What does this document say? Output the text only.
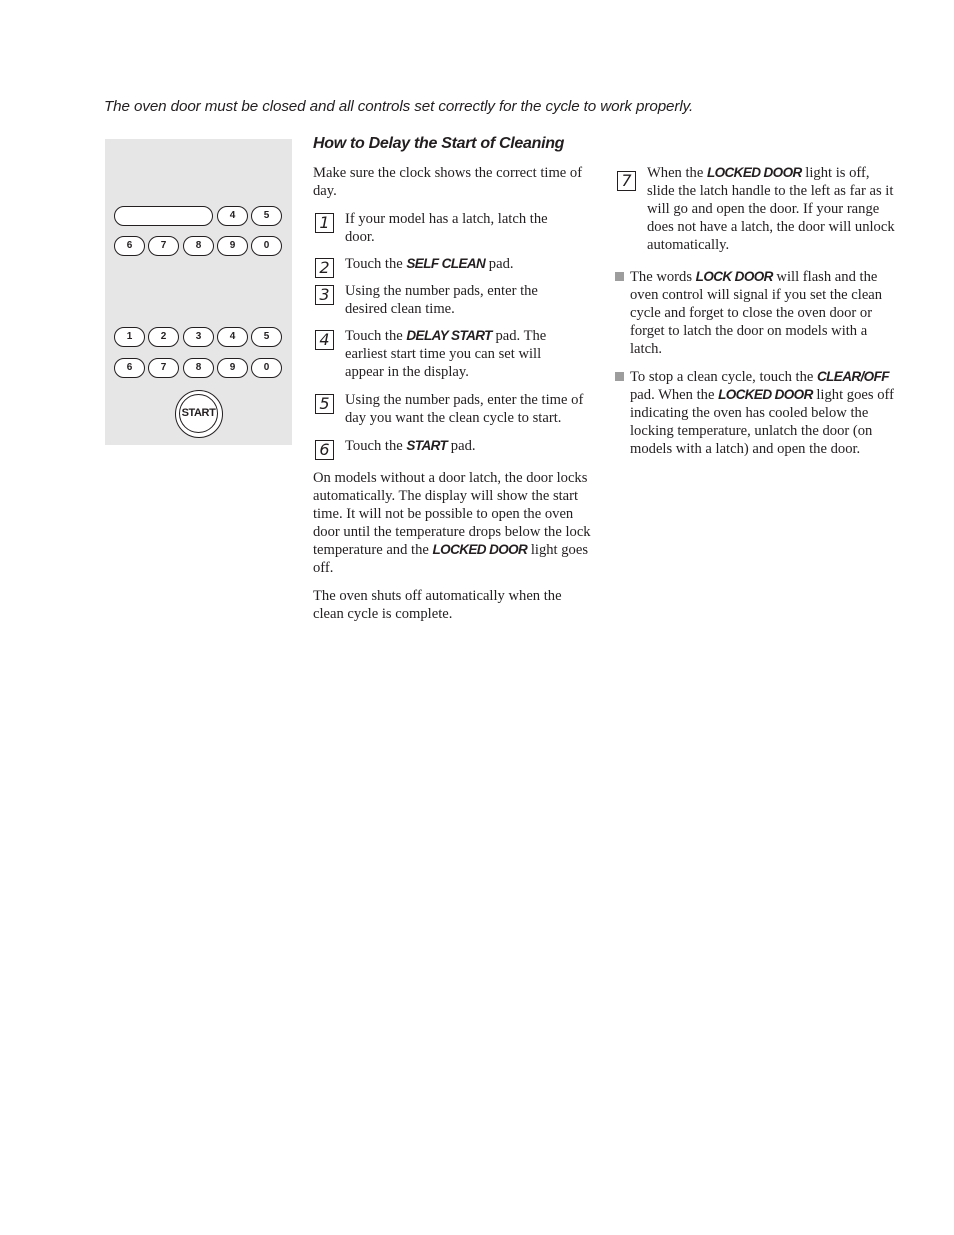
The oven door must be closed and all controls set correctly for the cycle to work properly.
4	5
6	7	8	9	0
1	2	3	4	5
6	7	8	9	0
START
How to Delay the Start of Cleaning

Make sure the clock shows the correct time of day.

1	If your model has a latch, latch the door.

2	Touch the SELF CLEAN pad.

3	Using the number pads, enter the desired clean time.

4	Touch the DELAY START pad. The earliest start time you can set will appear in the display.

5	Using the number pads, enter the time of day you want the clean cycle to start.

6	Touch the START pad.

On models without a door latch, the door locks automatically. The display will show the start time. It will not be possible to open the oven door until the temperature drops below the lock temperature and the LOCKED DOOR light goes off.

The oven shuts off automatically when the clean cycle is complete.

7	When the LOCKED DOOR light is off, slide the latch handle to the left as far as it will go and open the door. If your range does not have a latch, the door will unlock automatically.

The words LOCK DOOR will flash and the oven control will signal if you set the clean cycle and forget to close the oven door or forget to latch the door on models with a latch.

To stop a clean cycle, touch the CLEAR/OFF pad. When the LOCKED DOOR light goes off indicating the oven has cooled below the locking temperature, unlatch the door (on models with a latch) and open the door.
